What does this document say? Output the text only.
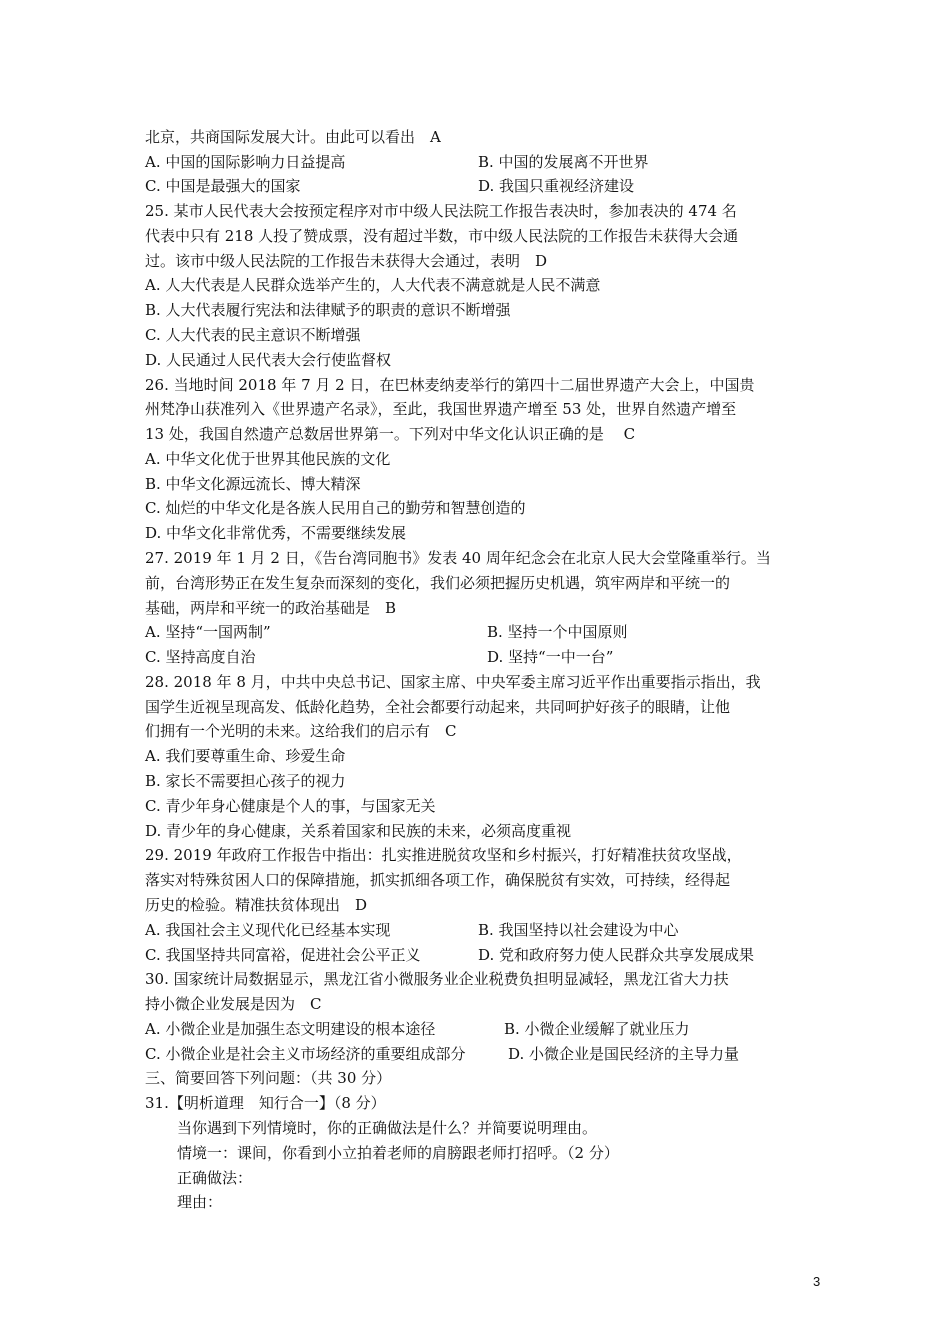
北京，共商国际发展大计。由此可以看出　A
A. 中国的国际影响力日益提高	B. 中国的发展离不开世界
C. 中国是最强大的国家	D. 我国只重视经济建设
25. 某市人民代表大会按预定程序对市中级人民法院工作报告表决时，参加表决的 474 名
代表中只有 218 人投了赞成票，没有超过半数，市中级人民法院的工作报告未获得大会通
过。该市中级人民法院的工作报告未获得大会通过，表明　D
A. 人大代表是人民群众选举产生的，人大代表不满意就是人民不满意
B. 人大代表履行宪法和法律赋予的职责的意识不断增强
C. 人大代表的民主意识不断增强
D. 人民通过人民代表大会行使监督权
26. 当地时间 2018 年 7 月 2 日，在巴林麦纳麦举行的第四十二届世界遗产大会上，中国贵
州梵净山获准列入《世界遗产名录》，至此，我国世界遗产增至 53 处，世界自然遗产增至
13 处，我国自然遗产总数居世界第一。下列对中华文化认识正确的是　 C
A. 中华文化优于世界其他民族的文化
B. 中华文化源远流长、博大精深
C. 灿烂的中华文化是各族人民用自己的勤劳和智慧创造的
D. 中华文化非常优秀，不需要继续发展
27. 2019 年 1 月 2 日，《告台湾同胞书》发表 40 周年纪念会在北京人民大会堂隆重举行。当
前，台湾形势正在发生复杂而深刻的变化，我们必须把握历史机遇，筑牢两岸和平统一的
基础，两岸和平统一的政治基础是　B
A. 坚持“一国两制”	B. 坚持一个中国原则
C. 坚持高度自治	D. 坚持“一中一台”
28. 2018 年 8 月，中共中央总书记、国家主席、中央军委主席习近平作出重要指示指出，我
国学生近视呈现高发、低龄化趋势，全社会都要行动起来，共同呵护好孩子的眼睛，让他
们拥有一个光明的未来。这给我们的启示有　C
A. 我们要尊重生命、珍爱生命
B. 家长不需要担心孩子的视力
C. 青少年身心健康是个人的事，与国家无关
D. 青少年的身心健康，关系着国家和民族的未来，必须高度重视
29. 2019 年政府工作报告中指出：扎实推进脱贫攻坚和乡村振兴，打好精准扶贫攻坚战，
落实对特殊贫困人口的保障措施，抓实抓细各项工作，确保脱贫有实效，可持续，经得起
历史的检验。精准扶贫体现出　D
A. 我国社会主义现代化已经基本实现	B. 我国坚持以社会建设为中心
C. 我国坚持共同富裕，促进社会公平正义	D. 党和政府努力使人民群众共享发展成果
30. 国家统计局数据显示，黑龙江省小微服务业企业税费负担明显减轻，黑龙江省大力扶
持小微企业发展是因为　C
A. 小微企业是加强生态文明建设的根本途径	B. 小微企业缓解了就业压力
C. 小微企业是社会主义市场经济的重要组成部分	D. 小微企业是国民经济的主导力量
三、简要回答下列问题：（共 30 分）
31.【明析道理　知行合一】（8 分）
当你遇到下列情境时，你的正确做法是什么？并简要说明理由。
情境一：课间，你看到小立拍着老师的肩膀跟老师打招呼。（2 分）
正确做法：
理由：
3
